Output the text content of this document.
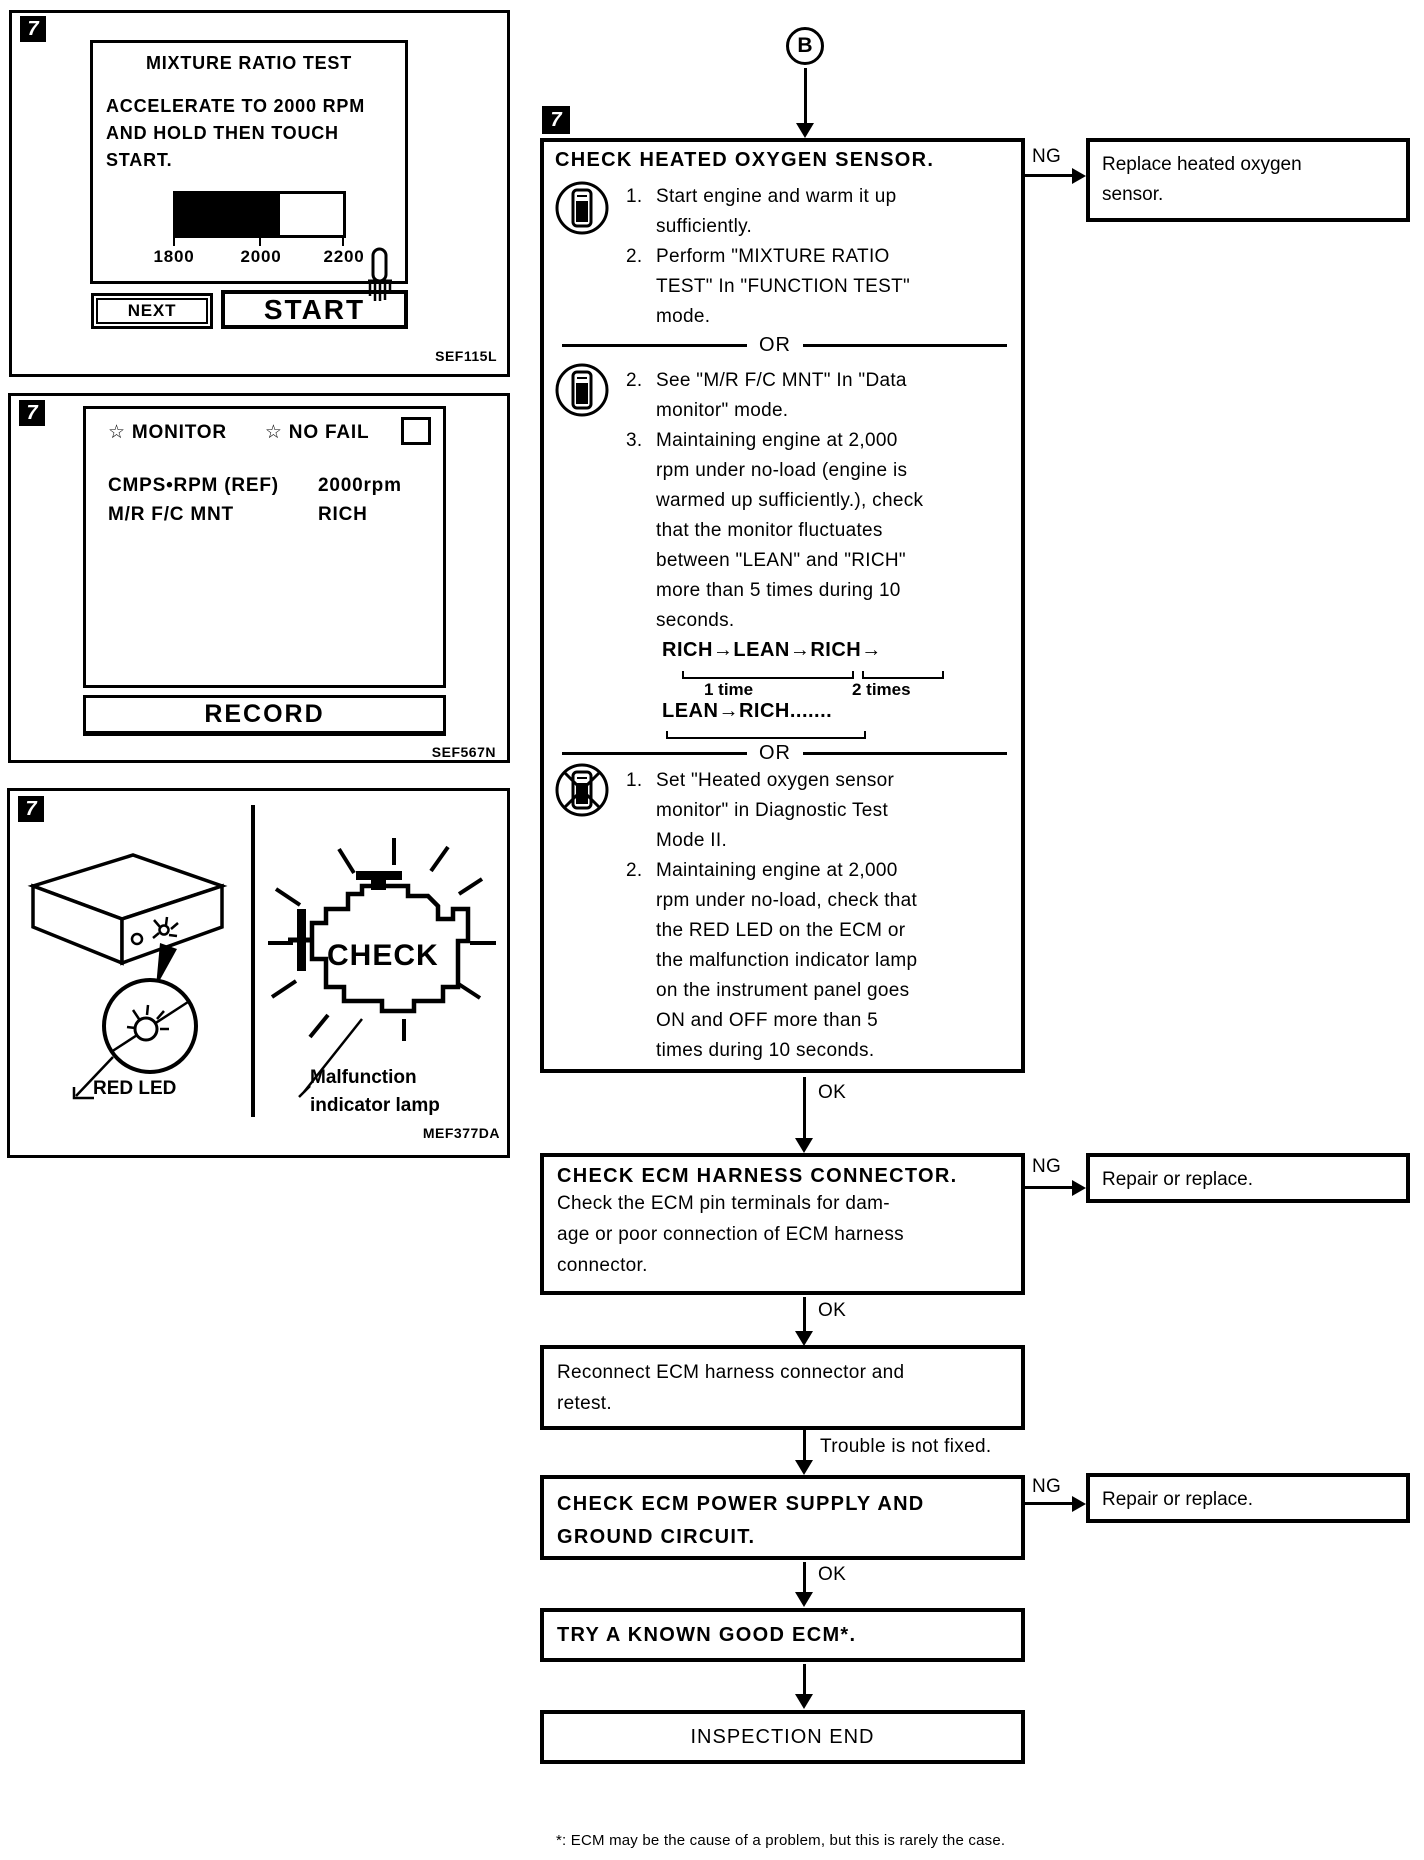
7
MIXTURE RATIO TEST
ACCELERATE TO 2000 RPM
AND HOLD THEN TOUCH
START.
1800	2000	2200
NEXT	START
SEF115L
7
☆ MONITOR ☆ NO FAIL
CMPS•RPM (REF)	2000rpm
M/R F/C MNT	RICH
RECORD
SEF567N
7
CHECK
RED LED
Malfunction
indicator lamp
MEF377DA
B
7
CHECK HEATED OXYGEN SENSOR.
1. Start engine and warm it up
sufficiently.
2. Perform "MIXTURE RATIO
TEST" In "FUNCTION TEST"
mode.
OR
2. See "M/R F/C MNT" In "Data
monitor" mode.
3. Maintaining engine at 2,000
rpm under no-load (engine is
warmed up sufficiently.), check
that the monitor fluctuates
between "LEAN" and "RICH"
more than 5 times during 10
seconds.
RICH→LEAN→RICH→
1 time	2 times
LEAN→RICH.......
OR
1. Set "Heated oxygen sensor
monitor" in Diagnostic Test
Mode II.
2. Maintaining engine at 2,000
rpm under no-load, check that
the RED LED on the ECM or
the malfunction indicator lamp
on the instrument panel goes
ON and OFF more than 5
times during 10 seconds.
NG Replace heated oxygen
sensor.
OK
CHECK ECM HARNESS CONNECTOR.
Check the ECM pin terminals for dam-
age or poor connection of ECM harness
connector.
NG
Repair or replace.
OK
Reconnect ECM harness connector and
retest.
Trouble is not fixed.
CHECK ECM POWER SUPPLY AND
GROUND CIRCUIT.
NG
Repair or replace.
OK
TRY A KNOWN GOOD ECM*.
INSPECTION END
*: ECM may be the cause of a problem, but this is rarely the case.
